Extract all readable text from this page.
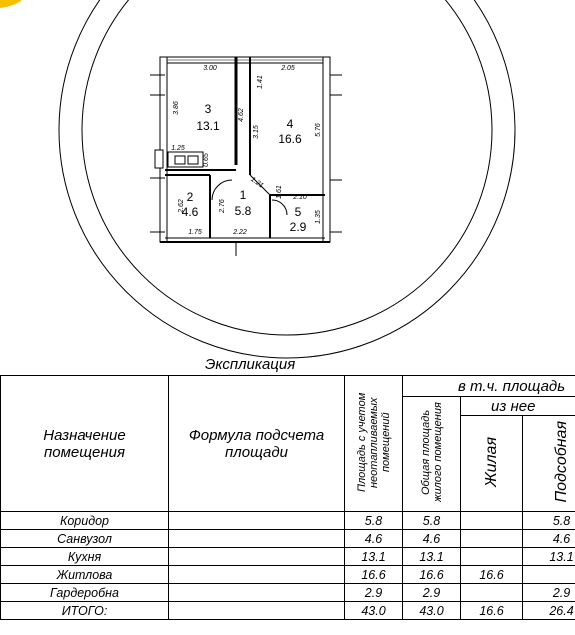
3
13.1	4
16.6
2
4.6
1
5.8	5
2.9
3.00
1.41
2.05
3.86
4.62
3.15	5.76
1.25
0.65
1.21
1.61 2.10
2.62	2.76
1.35
1.75	2.22
Экспликация
Назначение помещения	Формула подсчета площади	Площадь с учетом неотапливаемых помещений	в т.ч. площадь		
			Общая площадь жилого помещения	из нее	
				Жилая	Подсобная
Коридор		5.8	5.8		5.8
Санвузол		4.6	4.6		4.6
Кухня		13.1	13.1		13.1
Житлова		16.6	16.6	16.6	
Гардеробна		2.9	2.9		2.9
ИТОГО:		43.0	43.0	16.6	26.4
